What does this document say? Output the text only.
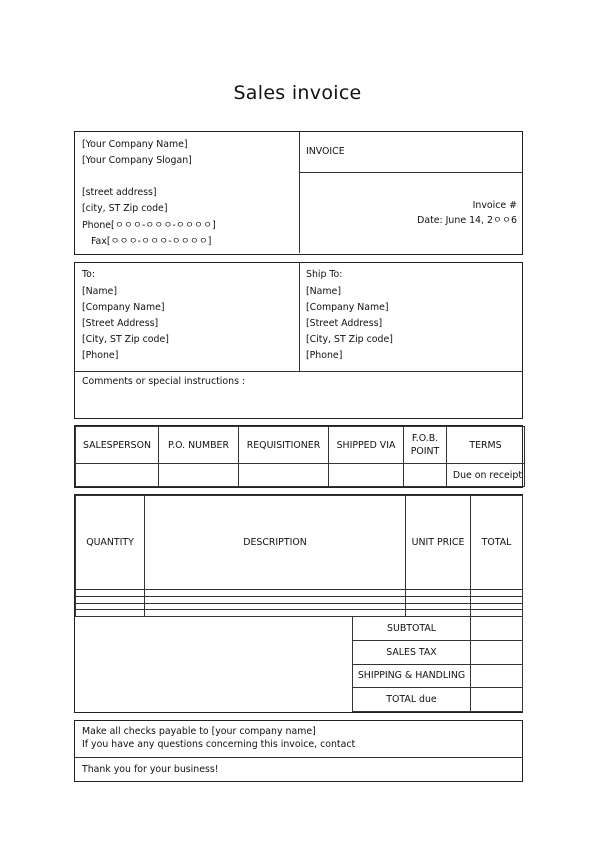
Sales invoice
[Your Company Name]
[Your Company Slogan]
[street address]
[city, ST Zip code]
Phone[ㅇㅇㅇ-ㅇㅇㅇ-ㅇㅇㅇㅇ]
Fax[ㅇㅇㅇ-ㅇㅇㅇ-ㅇㅇㅇㅇ]
INVOICE
Invoice #
Date: June 14, 2ㅇㅇ6
To:
[Name]
[Company Name]
[Street Address]
[City, ST Zip code]
[Phone]
Ship To:
[Name]
[Company Name]
[Street Address]
[City, ST Zip code]
[Phone]
Comments or special instructions :
SALESPERSON	P.O. NUMBER	REQUISITIONER	SHIPPED VIA	F.O.B. POINT	TERMS
					Due on receipt
QUANTITY	DESCRIPTION	UNIT PRICE	TOTAL

SUBTOTAL	
SALES TAX	
SHIPPING & HANDLING	
TOTAL due	
Make all checks payable to [your company name]
If you have any questions concerning this invoice, contact
Thank you for your business!
